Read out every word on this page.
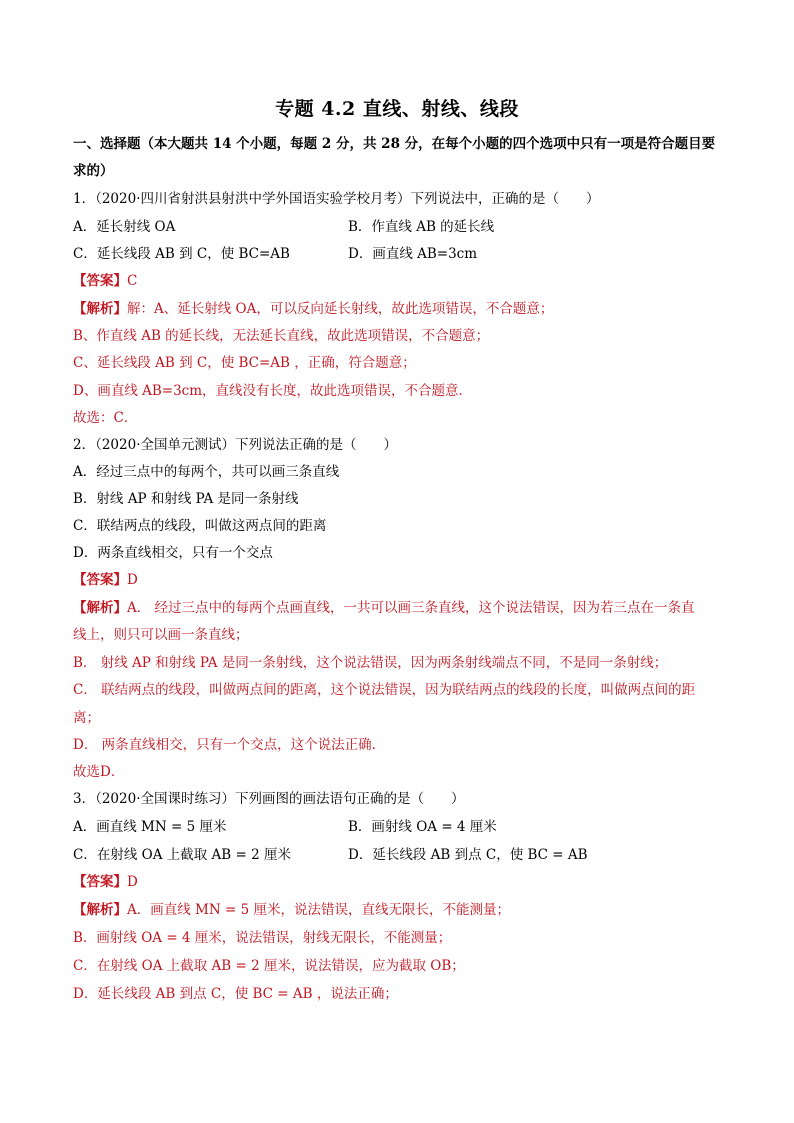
专题 4.2 直线、射线、线段
一、选择题（本大题共 14 个小题，每题 2 分，共 28 分，在每个小题的四个选项中只有一项是符合题目要
求的）
1．（2020·四川省射洪县射洪中学外国语实验学校月考）下列说法中，正确的是（　　）
A．延长射线 OA	B．作直线 AB 的延长线
C．延长线段 AB 到 C，使 BC=AB	D．画直线 AB=3cm
【答案】C
【解析】解：A、延长射线 OA，可以反向延长射线，故此选项错误，不合题意；
B、作直线 AB 的延长线，无法延长直线，故此选项错误，不合题意；
C、延长线段 AB 到 C，使 BC=AB ，正确，符合题意；
D、画直线 AB=3cm，直线没有长度，故此选项错误，不合题意．
故选：C．
2．（2020·全国单元测试）下列说法正确的是（　　）
A．经过三点中的每两个，共可以画三条直线
B．射线 AP 和射线 PA 是同一条射线
C．联结两点的线段，叫做这两点间的距离
D．两条直线相交，只有一个交点
【答案】D
【解析】A． 经过三点中的每两个点画直线，一共可以画三条直线，这个说法错误，因为若三点在一条直
线上，则只可以画一条直线；
B． 射线 AP 和射线 PA 是同一条射线，这个说法错误，因为两条射线端点不同，不是同一条射线；
C． 联结两点的线段，叫做两点间的距离，这个说法错误，因为联结两点的线段的长度，叫做两点间的距
离；
D． 两条直线相交，只有一个交点，这个说法正确．
故选D．
3．（2020·全国课时练习）下列画图的画法语句正确的是（　　）
A．画直线 MN = 5 厘米	B．画射线 OA = 4 厘米
C．在射线 OA 上截取 AB = 2 厘米	D．延长线段 AB 到点 C，使 BC = AB
【答案】D
【解析】A．画直线 MN = 5 厘米，说法错误，直线无限长，不能测量；
B．画射线 OA = 4 厘米，说法错误，射线无限长，不能测量；
C．在射线 OA 上截取 AB = 2 厘米，说法错误，应为截取 OB；
D．延长线段 AB 到点 C，使 BC = AB ，说法正确；
